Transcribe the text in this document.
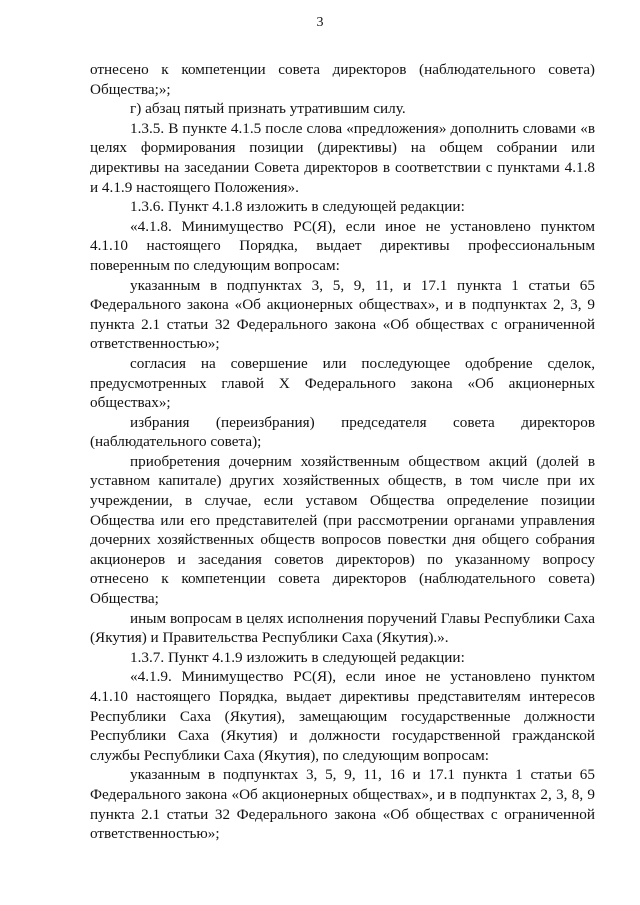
3

отнесено к компетенции совета директоров (наблюдательного совета) Общества;»;

г) абзац пятый признать утратившим силу.

1.3.5. В пункте 4.1.5 после слова «предложения» дополнить словами «в целях формирования позиции (директивы) на общем собрании или директивы на заседании Совета директоров в соответствии с пунктами 4.1.8 и 4.1.9 настоящего Положения».

1.3.6. Пункт 4.1.8 изложить в следующей редакции:

«4.1.8. Минимущество РС(Я), если иное не установлено пунктом 4.1.10 настоящего Порядка, выдает директивы профессиональным поверенным по следующим вопросам:

указанным в подпунктах 3, 5, 9, 11, и 17.1 пункта 1 статьи 65 Федерального закона «Об акционерных обществах», и в подпунктах 2, 3, 9 пункта 2.1 статьи 32 Федерального закона «Об обществах с ограниченной ответственностью»;

согласия на совершение или последующее одобрение сделок, предусмотренных главой X Федерального закона «Об акционерных обществах»;

избрания (переизбрания) председателя совета директоров (наблюдательного совета);

приобретения дочерним хозяйственным обществом акций (долей в уставном капитале) других хозяйственных обществ, в том числе при их учреждении, в случае, если уставом Общества определение позиции Общества или его представителей (при рассмотрении органами управления дочерних хозяйственных обществ вопросов повестки дня общего собрания акционеров и заседания советов директоров) по указанному вопросу отнесено к компетенции совета директоров (наблюдательного совета) Общества;

иным вопросам в целях исполнения поручений Главы Республики Саха (Якутия) и Правительства Республики Саха (Якутия).».

1.3.7. Пункт 4.1.9 изложить в следующей редакции:

«4.1.9. Минимущество РС(Я), если иное не установлено пунктом 4.1.10 настоящего Порядка, выдает директивы представителям интересов Республики Саха (Якутия), замещающим государственные должности Республики Саха (Якутия) и должности государственной гражданской службы Республики Саха (Якутия), по следующим вопросам:

указанным в подпунктах 3, 5, 9, 11, 16 и 17.1 пункта 1 статьи 65 Федерального закона «Об акционерных обществах», и в подпунктах 2, 3, 8, 9 пункта 2.1 статьи 32 Федерального закона «Об обществах с ограниченной ответственностью»;
